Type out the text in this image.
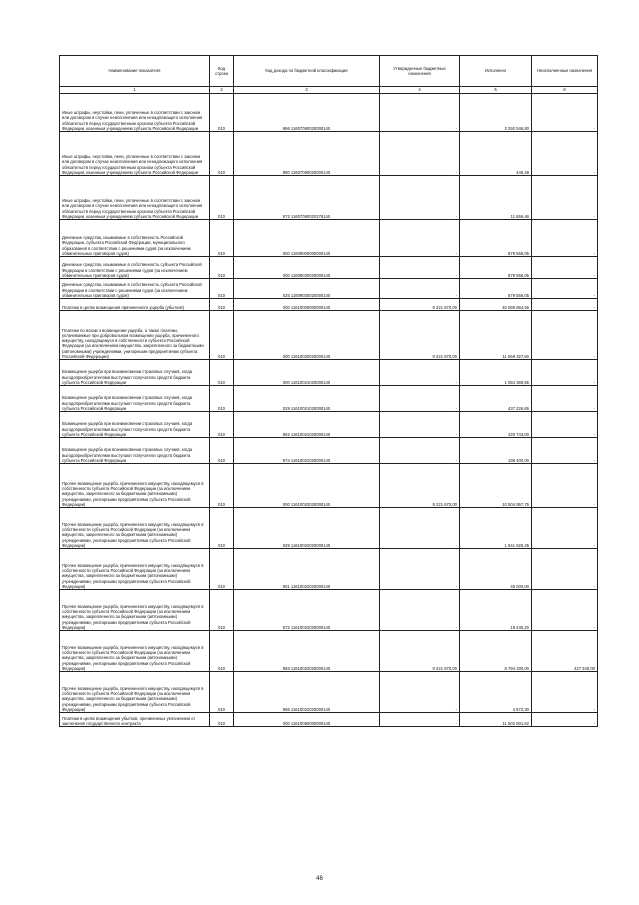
Наименование показателя	Код строки	Код дохода по бюджетной классификации	Утвержденные бюджетные назначения	Исполнено	Неисполненные назначения
1	2	3	4	5	6
Иные штрафы, неустойки, пени, уплаченные в соответствии с законом или договором в случае неисполнения или ненадлежащего исполнения обязательств перед государственным органом субъекта Российской Федерации, казенным учреждением субъекта Российской Федерации	010	866 11607090020000140	-	3 292 546,80	-
Иные штрафы, неустойки, пени, уплаченные в соответствии с законом или договором в случае неисполнения или ненадлежащего исполнения обязательств перед государственным органом субъекта Российской Федерации, казенным учреждением субъекта Российской Федерации	010	880 11607090020000140	-	446,48	-
Иные штрафы, неустойки, пени, уплаченные в соответствии с законом или договором в случае неисполнения или ненадлежащего исполнения обязательств перед государственным органом субъекта Российской Федерации, казенным учреждением субъекта Российской Федерации	010	972 11607090020376140	-	11 656,46	-
Денежные средства, изымаемые в собственность Российской Федерации, субъекта Российской Федерации, муниципального образования в соответствии с решениями судов (за исключением обвинительных приговоров судов)	010	000 11609000000000140	-	879 556,05	-
Денежные средства, изымаемые в собственность субъекта Российской Федерации в соответствии с решениями судов (за исключением обвинительных приговоров судов)	010	000 11609030020000140	-	879 556,05	-
Денежные средства, изымаемые в собственность субъекта Российской Федерации в соответствии с решениями судов (за исключением обвинительных приговоров судов)	010	025 11609030020000140	-	879 556,05	-
Платежи в целях возмещения причиненного ущерба (убытков)	010	000 11610000000000140	9 221 670,00	40 069 664,56	-
Платежи по искам о возмещении ущерба, а также платежи, уплачиваемые при добровольном возмещении ущерба, причиненного имуществу, находящемуся в собственности субъекта Российской Федерации (за исключением имущества, закрепленного за бюджетными (автономными) учреждениями, унитарными предприятиями субъекта Российской Федерации)	010	000 11610020020000140	9 221 670,00	11 559 327,60	-
Возмещение ущерба при возникновении страховых случаев, когда выгодоприобретателями выступают получатели средств бюджета субъекта Российской Федерации	010	000 11610021020000140	-	1 054 369,65	-
Возмещение ущерба при возникновении страховых случаев, когда выгодоприобретателями выступают получатели средств бюджета субъекта Российской Федерации	010	029 11610021020000140	-	437 226,65	-
Возмещение ущерба при возникновении страховых случаев, когда выгодоприобретателями выступают получатели средств бюджета субъекта Российской Федерации	010	962 11610021020000140	-	420 743,00	-
Возмещение ущерба при возникновении страховых случаев, когда выгодоприобретателями выступают получатели средств бюджета субъекта Российской Федерации	010	974 11610021020000140	-	196 400,00	-
Прочее возмещение ущерба, причиненного имуществу, находящемуся в собственности субъекта Российской Федерации (за исключением имущества, закрепленного за бюджетными (автономными) учреждениями, унитарными предприятиями субъекта Российской Федерации)	010	000 11610022020000140	9 221 670,00	10 504 957,75	-
Прочее возмещение ущерба, причиненного имуществу, находящемуся в собственности субъекта Российской Федерации (за исключением имущества, закрепленного за бюджетными (автономными) учреждениями, унитарными предприятиями субъекта Российской Федерации)	010	029 11610022020000140	-	1 641 626,25	-
Прочее возмещение ущерба, причиненного имуществу, находящемуся в собственности субъекта Российской Федерации (за исключением имущества, закрепленного за бюджетными (автономными) учреждениями, унитарными предприятиями субъекта Российской Федерации)	010	801 11610022020000140	-	45 000,00	-
Прочее возмещение ущерба, причиненного имуществу, находящемуся в собственности субъекта Российской Федерации (за исключением имущества, закрепленного за бюджетными (автономными) учреждениями, унитарными предприятиями субъекта Российской Федерации)	010	872 11610022020000140	-	19 435,20	-
Прочее возмещение ущерба, причиненного имуществу, находящемуся в собственности субъекта Российской Федерации (за исключением имущества, закрепленного за бюджетными (автономными) учреждениями, унитарными предприятиями субъекта Российской Федерации)	010	983 11610022020000140	9 221 670,00	8 794 330,00	427 340,00
Прочее возмещение ущерба, причиненного имуществу, находящемуся в собственности субъекта Российской Федерации (за исключением имущества, закрепленного за бюджетными (автономными) учреждениями, унитарными предприятиями субъекта Российской Федерации)	010	986 11610022020000140	-	4 572,30	-
Платежи в целях возмещения убытков, причиненных уклонением от заключения государственного контракта	010	000 11610050000000140	-	11 502 601,62	-
46
